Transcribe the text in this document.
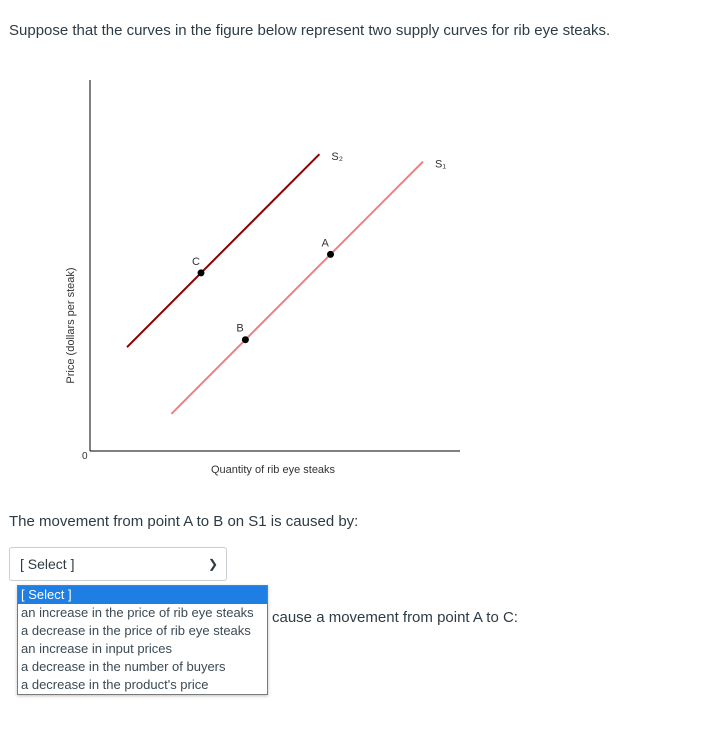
Suppose that the curves in the figure below represent two supply curves for rib eye steaks.
0
Quantity of rib eye steaks
Price (dollars per steak)
S₂
S₁
C
A
B
The movement from point A to B on S1 is caused by:
[ Select ]	❯
[ Select ]
an increase in the price of rib eye steaks
a decrease in the price of rib eye steaks
an increase in input prices
a decrease in the number of buyers
a decrease in the product's price
cause a movement from point A to C:
